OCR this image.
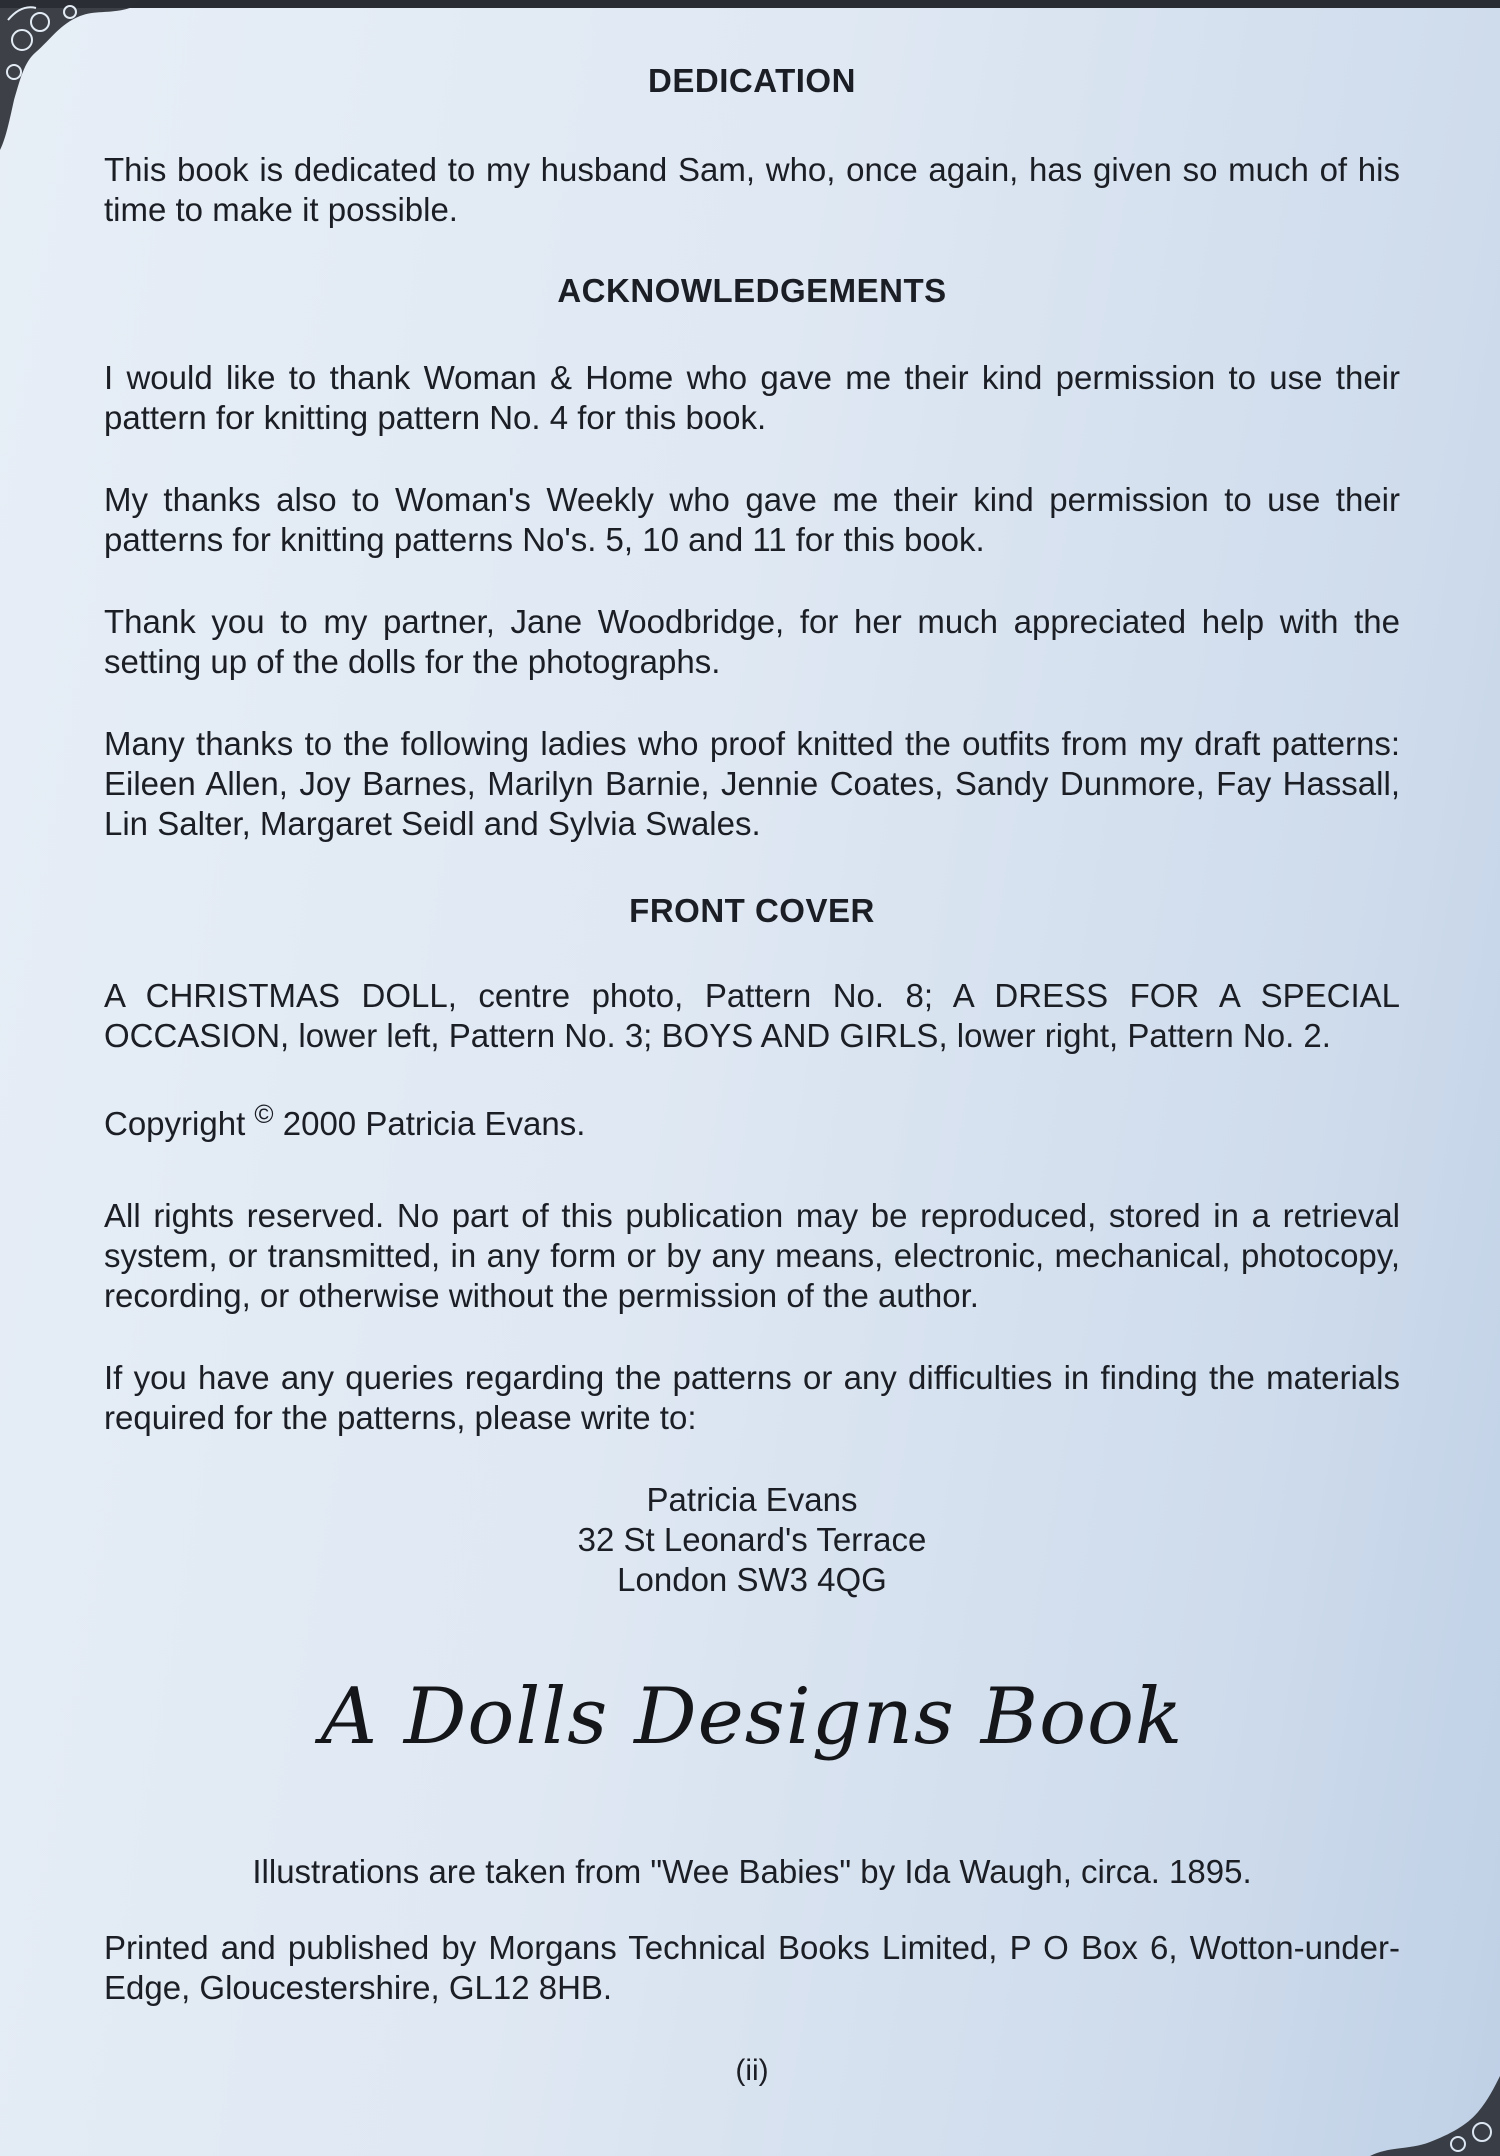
DEDICATION
This book is dedicated to my husband Sam, who, once again, has given so much of his time to make it possible.
ACKNOWLEDGEMENTS
I would like to thank Woman & Home who gave me their kind permission to use their pattern for knitting pattern No. 4 for this book.
My thanks also to Woman's Weekly who gave me their kind permission to use their patterns for knitting patterns No's. 5, 10 and 11 for this book.
Thank you to my partner, Jane Woodbridge, for her much appreciated help with the setting up of the dolls for the photographs.
Many thanks to the following ladies who proof knitted the outfits from my draft patterns: Eileen Allen, Joy Barnes, Marilyn Barnie, Jennie Coates, Sandy Dunmore, Fay Hassall, Lin Salter, Margaret Seidl and Sylvia Swales.
FRONT COVER
A CHRISTMAS DOLL, centre photo, Pattern No. 8; A DRESS FOR A SPECIAL OCCASION, lower left, Pattern No. 3; BOYS AND GIRLS, lower right, Pattern No. 2.
Copyright © 2000 Patricia Evans.
All rights reserved. No part of this publication may be reproduced, stored in a retrieval system, or transmitted, in any form or by any means, electronic, mechanical, photocopy, recording, or otherwise without the permission of the author.
If you have any queries regarding the patterns or any difficulties in finding the materials required for the patterns, please write to:
Patricia Evans
32 St Leonard's Terrace
London SW3 4QG
A Dolls Designs Book
Illustrations are taken from "Wee Babies" by Ida Waugh, circa. 1895.
Printed and published by Morgans Technical Books Limited, P O Box 6, Wotton-under-Edge, Gloucestershire, GL12 8HB.
(ii)
